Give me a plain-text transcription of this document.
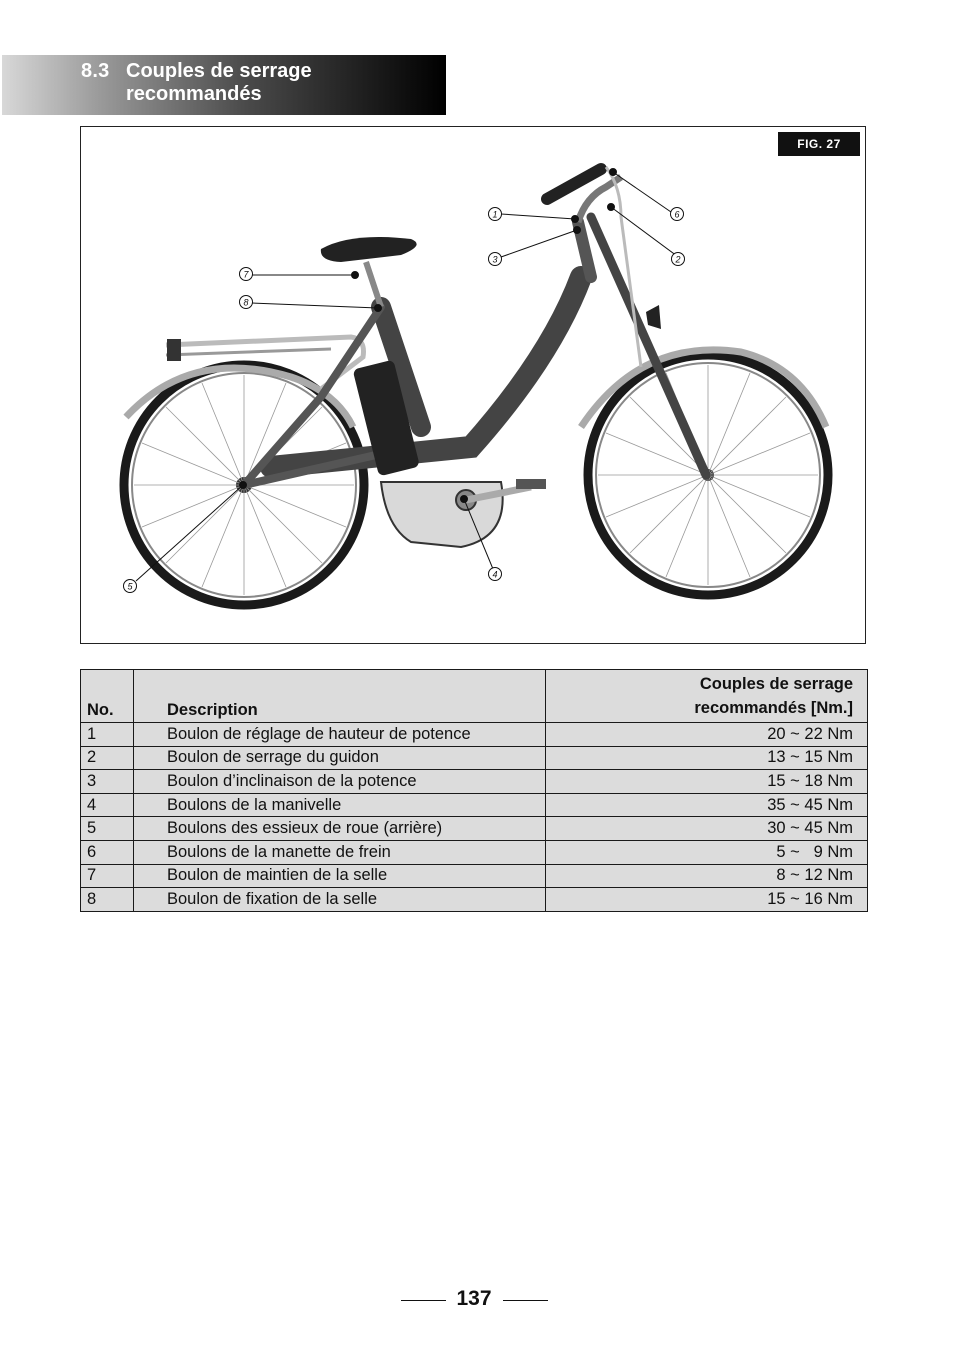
8.3 Couples de serrage recommandés
FIG. 27
1
2
3
4
5
6
7
8
No.	Description	Couples de serrage
recommandés [Nm.]
1	Boulon de réglage de hauteur de potence	20 ~ 22 Nm
2	Boulon de serrage du guidon	13 ~ 15 Nm
3	Boulon d’inclinaison de la potence	15 ~ 18 Nm
4	Boulons de la manivelle	35 ~ 45 Nm
5	Boulons des essieux de roue (arrière)	30 ~ 45 Nm
6	Boulons de la manette de frein	5 ~   9 Nm
7	Boulon de maintien de la selle	8 ~ 12 Nm
8	Boulon de fixation de la selle	15 ~ 16 Nm
137
